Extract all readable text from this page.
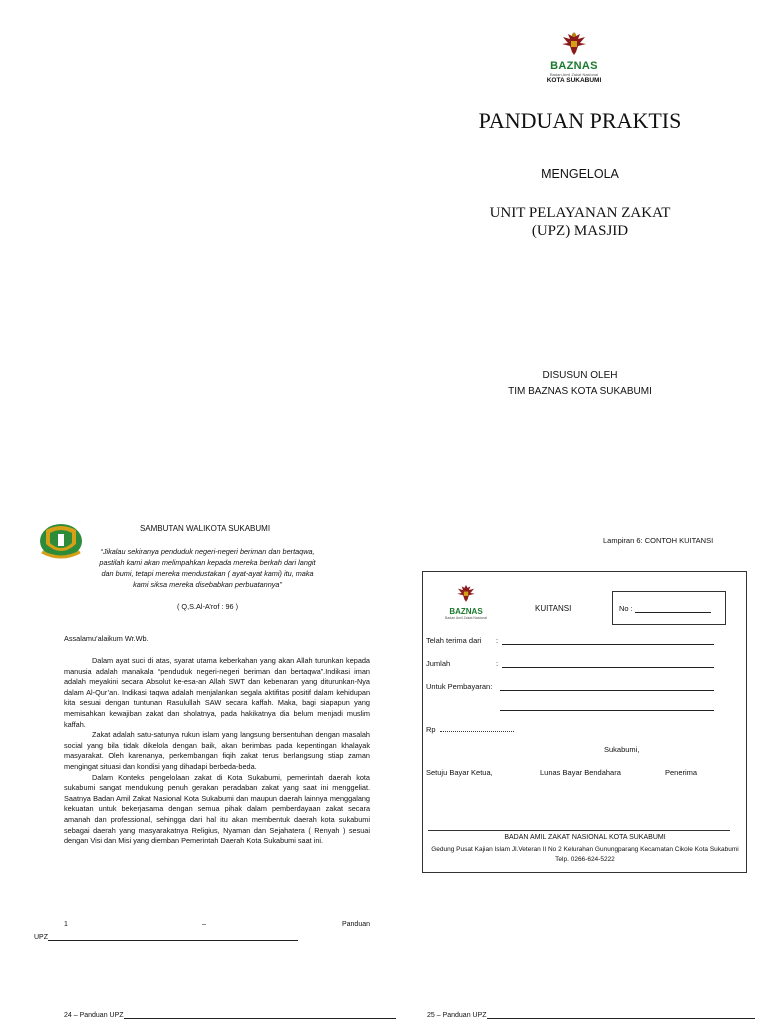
BAZNAS
Badan Amil Zakat Nasional
KOTA SUKABUMI
PANDUAN PRAKTIS
MENGELOLA
UNIT PELAYANAN ZAKAT
(UPZ) MASJID
DISUSUN OLEH
TIM BAZNAS KOTA SUKABUMI
SAMBUTAN WALIKOTA SUKABUMI
“Jikalau sekiranya penduduk negeri-negeri beriman dan bertaqwa, pastilah kami akan melimpahkan kepada mereka berkah dari langit dan bumi, tetapi mereka mendustakan ( ayat-ayat kami) itu, maka kami siksa mereka disebabkan perbuatannya”
( Q,S.Al-A’rof : 96 )
Assalamu’alaikum Wr.Wb.

Dalam ayat suci di atas, syarat utama keberkahan yang akan Allah turunkan kepada manusia adalah manakala “penduduk negeri-negeri beriman dan bertaqwa”.Indikasi iman adalah meyakini secara Absolut ke-esa-an Allah SWT dan kebenaran yang diturunkan-Nya dalam Al-Qur’an. Indikasi taqwa adalah menjalankan segala aktifitas positif dalam kehidupan kita sesuai dengan tuntunan Rasulullah SAW secara kaffah. Maka, bagi siapapun yang memisahkan kewajiban zakat dan sholatnya, pada hakikatnya dia belum menjadi muslim kaffah.

Zakat adalah satu-satunya rukun islam yang langsung bersentuhan dengan masalah social yang bila tidak dikelola dengan baik, akan berimbas pada kepentingan khalayak masyarakat. Oleh karenanya, perkembangan fiqih zakat terus berlangsung stiap zaman mengingat situasi dan kondisi yang dihadapi berbeda-beda.

Dalam Konteks pengelolaan zakat di Kota Sukabumi, pemerintah daerah kota sukabumi sangat mendukung penuh gerakan peradaban zakat yang saat ini menggeliat. Saatnya Badan Amil Zakat Nasional Kota Sukabumi dan maupun daerah lainnya menggalang kekuatan untuk bekerjasama dengan semua pihak dalam pemberdayaan zakat secara amanah dan professional, sehingga dari hal itu akan membentuk daerah kota sukabumi sebagai daerah yang masyarakatnya Religius, Nyaman dan Sejahatera ( Renyah ) sesuai dengan Visi dan Misi yang diemban Pemerintah Daerah Kota Sukabumi saat ini.

1	–	Panduan
UPZ
24 – Panduan UPZ
Lampiran 6: CONTOH KUITANSI
BAZNAS
Badan Amil Zakat Nasional
KUITANSI	No :
Telah terima dari :
Jumlah	:
Untuk Pembayaran:
Rp
Sukabumi,
Setuju Bayar Ketua,	Lunas Bayar Bendahara	Penerima
BADAN AMIL ZAKAT NASIONAL KOTA SUKABUMI
Gedung Pusat Kajian Islam Jl.Veteran II No 2 Kelurahan Gunungparang Kecamatan Cikole Kota Sukabumi Telp. 0266-624-5222
25 – Panduan UPZ
